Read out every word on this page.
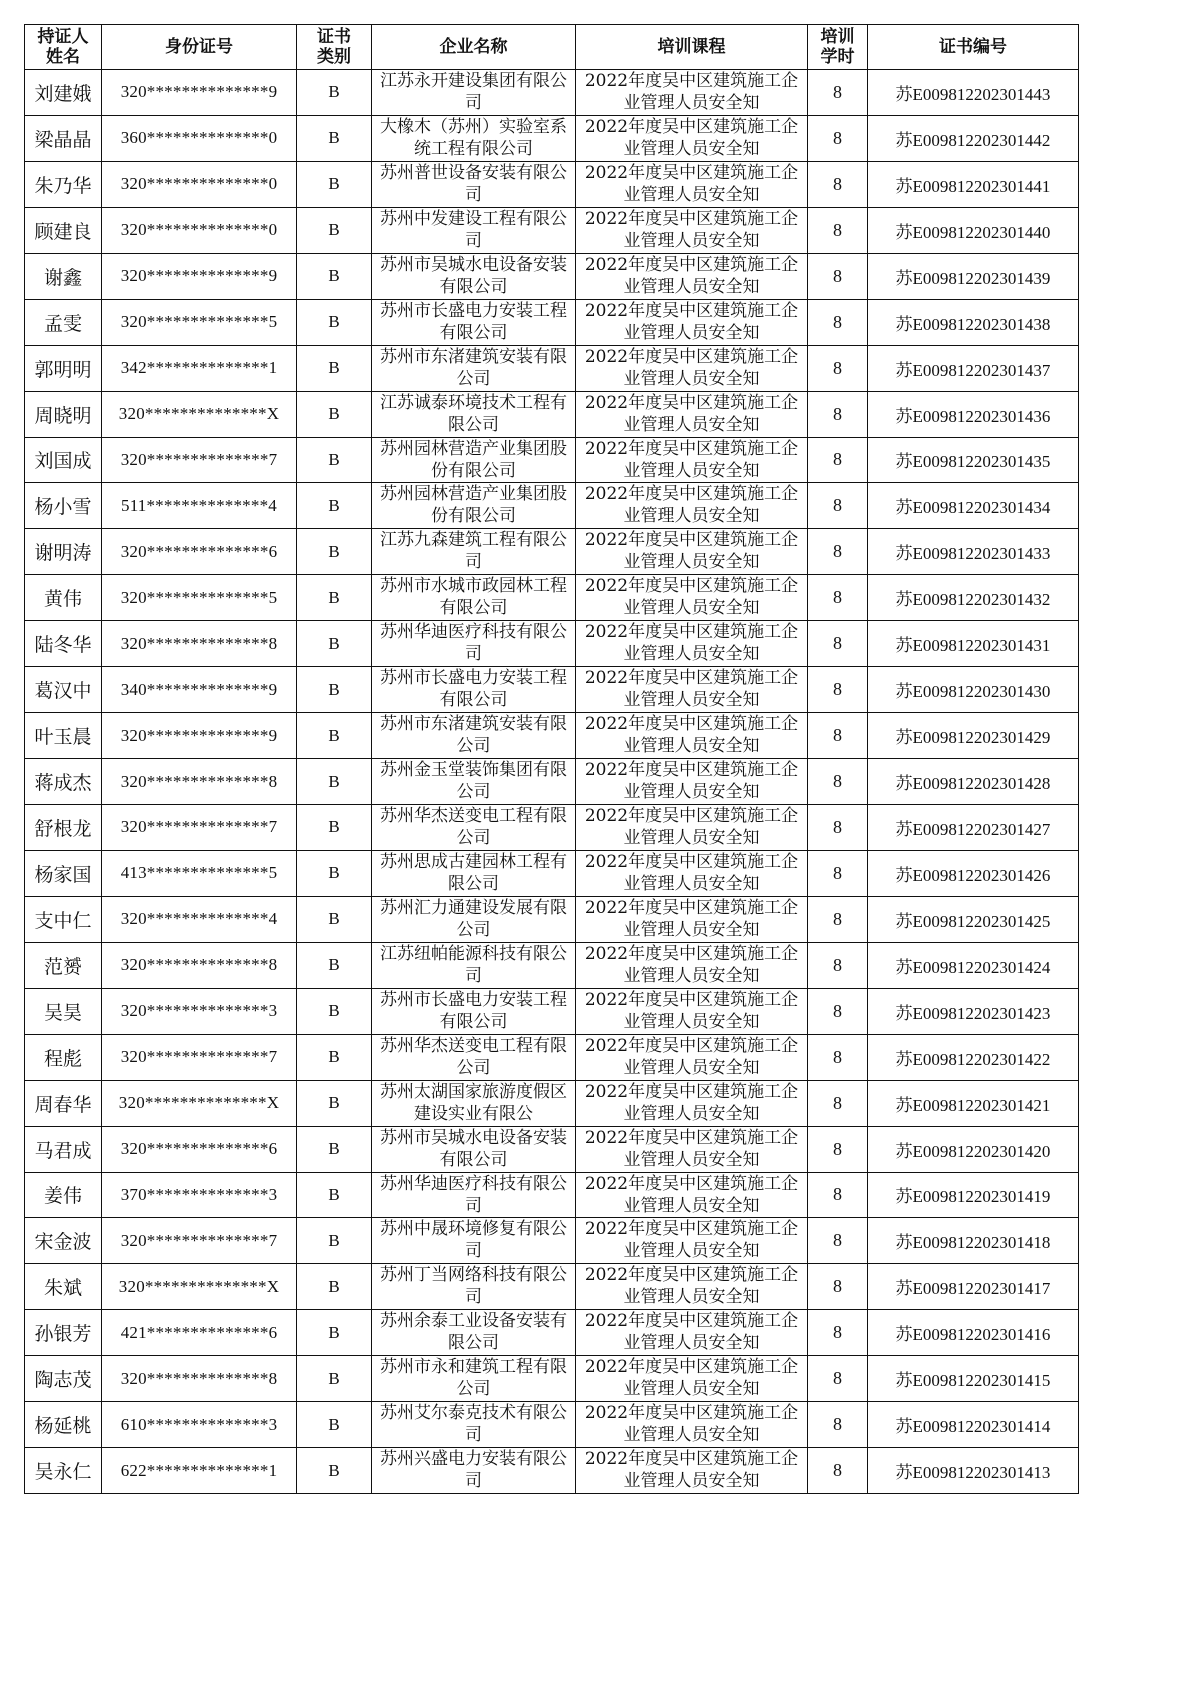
持证人姓名	身份证号	证书类别	企业名称	培训课程	培训学时	证书编号
刘建娥	320**************9	B	江苏永开建设集团有限公司	2022年度吴中区建筑施工企业管理人员安全知	8	苏E009812202301443
梁晶晶	360**************0	B	大橡木（苏州）实验室系统工程有限公司	2022年度吴中区建筑施工企业管理人员安全知	8	苏E009812202301442
朱乃华	320**************0	B	苏州普世设备安装有限公司	2022年度吴中区建筑施工企业管理人员安全知	8	苏E009812202301441
顾建良	320**************0	B	苏州中发建设工程有限公司	2022年度吴中区建筑施工企业管理人员安全知	8	苏E009812202301440
谢鑫	320**************9	B	苏州市吴城水电设备安装有限公司	2022年度吴中区建筑施工企业管理人员安全知	8	苏E009812202301439
孟雯	320**************5	B	苏州市长盛电力安装工程有限公司	2022年度吴中区建筑施工企业管理人员安全知	8	苏E009812202301438
郭明明	342**************1	B	苏州市东渚建筑安装有限公司	2022年度吴中区建筑施工企业管理人员安全知	8	苏E009812202301437
周晓明	320**************X	B	江苏诚泰环境技术工程有限公司	2022年度吴中区建筑施工企业管理人员安全知	8	苏E009812202301436
刘国成	320**************7	B	苏州园林营造产业集团股份有限公司	2022年度吴中区建筑施工企业管理人员安全知	8	苏E009812202301435
杨小雪	511**************4	B	苏州园林营造产业集团股份有限公司	2022年度吴中区建筑施工企业管理人员安全知	8	苏E009812202301434
谢明涛	320**************6	B	江苏九森建筑工程有限公司	2022年度吴中区建筑施工企业管理人员安全知	8	苏E009812202301433
黄伟	320**************5	B	苏州市水城市政园林工程有限公司	2022年度吴中区建筑施工企业管理人员安全知	8	苏E009812202301432
陆冬华	320**************8	B	苏州华迪医疗科技有限公司	2022年度吴中区建筑施工企业管理人员安全知	8	苏E009812202301431
葛汉中	340**************9	B	苏州市长盛电力安装工程有限公司	2022年度吴中区建筑施工企业管理人员安全知	8	苏E009812202301430
叶玉晨	320**************9	B	苏州市东渚建筑安装有限公司	2022年度吴中区建筑施工企业管理人员安全知	8	苏E009812202301429
蒋成杰	320**************8	B	苏州金玉堂装饰集团有限公司	2022年度吴中区建筑施工企业管理人员安全知	8	苏E009812202301428
舒根龙	320**************7	B	苏州华杰送变电工程有限公司	2022年度吴中区建筑施工企业管理人员安全知	8	苏E009812202301427
杨家国	413**************5	B	苏州思成古建园林工程有限公司	2022年度吴中区建筑施工企业管理人员安全知	8	苏E009812202301426
支中仁	320**************4	B	苏州汇力通建设发展有限公司	2022年度吴中区建筑施工企业管理人员安全知	8	苏E009812202301425
范赟	320**************8	B	江苏纽帕能源科技有限公司	2022年度吴中区建筑施工企业管理人员安全知	8	苏E009812202301424
吴昊	320**************3	B	苏州市长盛电力安装工程有限公司	2022年度吴中区建筑施工企业管理人员安全知	8	苏E009812202301423
程彪	320**************7	B	苏州华杰送变电工程有限公司	2022年度吴中区建筑施工企业管理人员安全知	8	苏E009812202301422
周春华	320**************X	B	苏州太湖国家旅游度假区建设实业有限公	2022年度吴中区建筑施工企业管理人员安全知	8	苏E009812202301421
马君成	320**************6	B	苏州市吴城水电设备安装有限公司	2022年度吴中区建筑施工企业管理人员安全知	8	苏E009812202301420
姜伟	370**************3	B	苏州华迪医疗科技有限公司	2022年度吴中区建筑施工企业管理人员安全知	8	苏E009812202301419
宋金波	320**************7	B	苏州中晟环境修复有限公司	2022年度吴中区建筑施工企业管理人员安全知	8	苏E009812202301418
朱斌	320**************X	B	苏州丁当网络科技有限公司	2022年度吴中区建筑施工企业管理人员安全知	8	苏E009812202301417
孙银芳	421**************6	B	苏州余泰工业设备安装有限公司	2022年度吴中区建筑施工企业管理人员安全知	8	苏E009812202301416
陶志茂	320**************8	B	苏州市永和建筑工程有限公司	2022年度吴中区建筑施工企业管理人员安全知	8	苏E009812202301415
杨延桃	610**************3	B	苏州艾尔泰克技术有限公司	2022年度吴中区建筑施工企业管理人员安全知	8	苏E009812202301414
吴永仁	622**************1	B	苏州兴盛电力安装有限公司	2022年度吴中区建筑施工企业管理人员安全知	8	苏E009812202301413
